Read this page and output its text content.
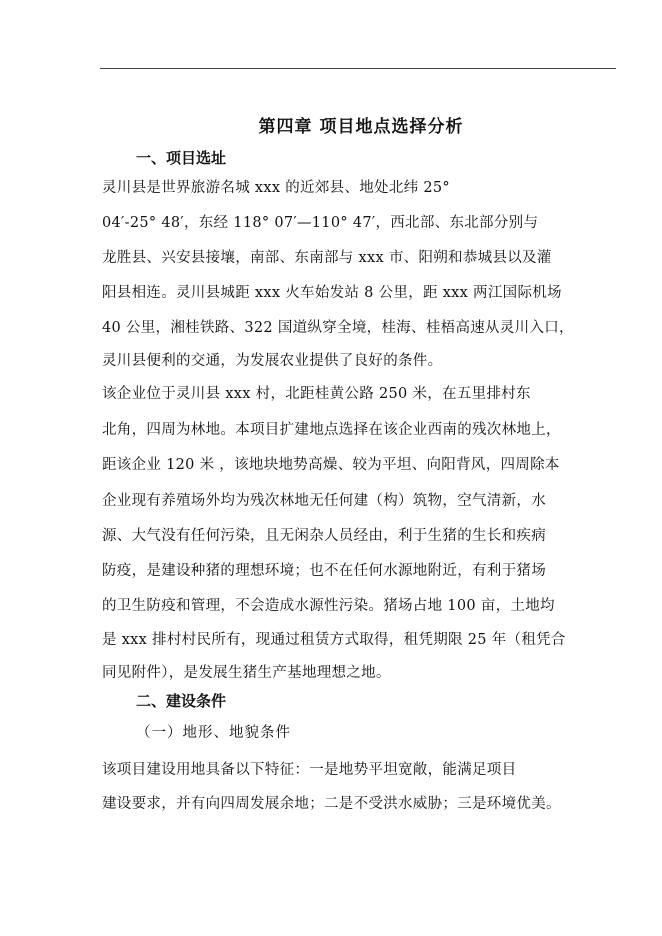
第四章 项目地点选择分析
一、项目选址
灵川县是世界旅游名城 xxx 的近郊县、地处北纬 25°
04′-25° 48′，东经 118° 07′—110° 47′，西北部、东北部分别与
龙胜县、兴安县接壤，南部、东南部与 xxx 市、阳朔和恭城县以及灌
阳县相连。灵川县城距 xxx 火车始发站 8 公里，距 xxx 两江国际机场
40 公里，湘桂铁路、322 国道纵穿全境，桂海、桂梧高速从灵川入口，
灵川县便利的交通，为发展农业提供了良好的条件。
该企业位于灵川县 xxx 村，北距桂黄公路 250 米，在五里排村东
北角，四周为林地。本项目扩建地点选择在该企业西南的残次林地上，
距该企业 120 米 ，该地块地势高燥、较为平坦、向阳背风，四周除本
企业现有养殖场外均为残次林地无任何建（构）筑物，空气清新，水
源、大气没有任何污染，且无闲杂人员经由，利于生猪的生长和疾病
防疫，是建设种猪的理想环境；也不在任何水源地附近，有利于猪场
的卫生防疫和管理，不会造成水源性污染。猪场占地 100 亩，土地均
是 xxx 排村村民所有，现通过租赁方式取得，租凭期限 25 年（租凭合
同见附件），是发展生猪生产基地理想之地。
二、建设条件
（一）地形、地貌条件
该项目建设用地具备以下特征：一是地势平坦宽敞，能满足项目
建设要求，并有向四周发展余地；二是不受洪水威胁；三是环境优美。
